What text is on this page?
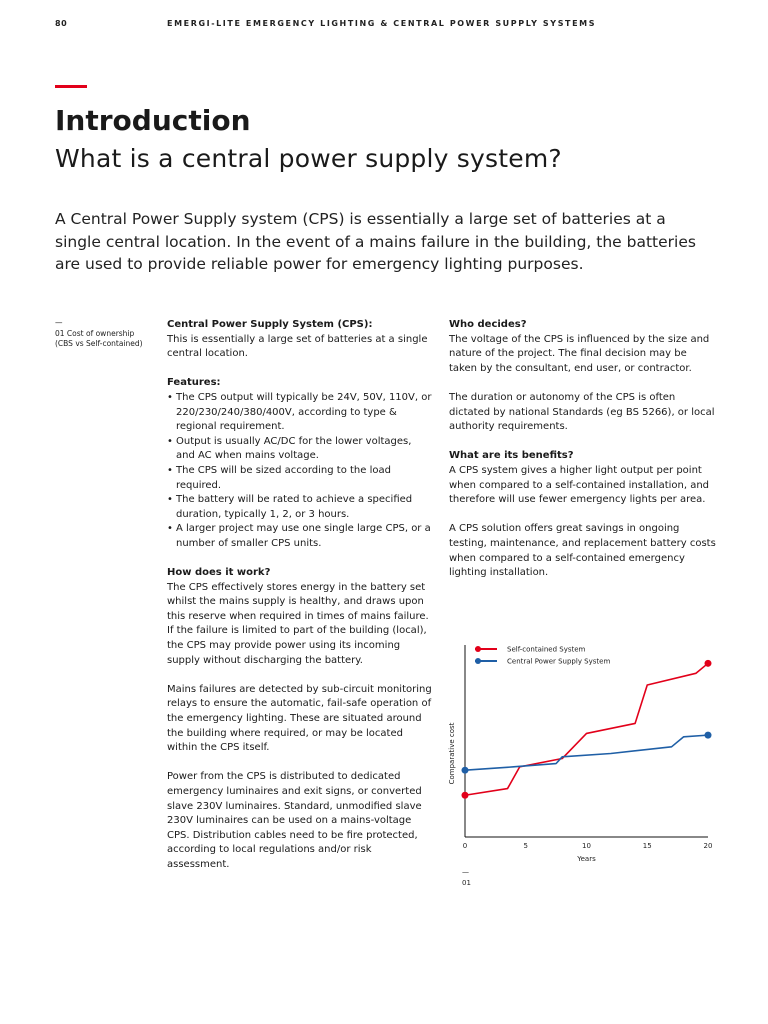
80	EMERGI-LITE EMERGENCY LIGHTING & CENTRAL POWER SUPPLY SYSTEMS
Introduction
What is a central power supply system?

A Central Power Supply system (CPS) is essentially a large set of batteries at a single central location. In the event of a mains failure in the building, the batteries are used to provide reliable power for emergency lighting purposes.

—
01 Cost of ownership
(CBS vs Self-contained)

Central Power Supply System (CPS):

This is essentially a large set of batteries at a single central location.

Features:

• The CPS output will typically be 24V, 50V, 110V, or 220/230/240/380/400V, according to type & regional requirement.
• Output is usually AC/DC for the lower voltages, and AC when mains voltage.
• The CPS will be sized according to the load required.
• The battery will be rated to achieve a specified duration, typically 1, 2, or 3 hours.
• A larger project may use one single large CPS, or a number of smaller CPS units.

How does it work?

The CPS effectively stores energy in the battery set whilst the mains supply is healthy, and draws upon this reserve when required in times of mains failure. If the failure is limited to part of the building (local), the CPS may provide power using its incoming supply without discharging the battery.

Mains failures are detected by sub-circuit monitoring relays to ensure the automatic, fail-safe operation of the emergency lighting. These are situated around the building where required, or may be located within the CPS itself.

Power from the CPS is distributed to dedicated emergency luminaires and exit signs, or converted slave 230V luminaires. Standard, unmodified slave 230V luminaires can be used on a mains-voltage CPS. Distribution cables need to be fire protected, according to local regulations and/or risk assessment.

Who decides?

The voltage of the CPS is influenced by the size and nature of the project. The final decision may be taken by the consultant, end user, or contractor.

The duration or autonomy of the CPS is often dictated by national Standards (eg BS 5266), or local authority requirements.

What are its benefits?

A CPS system gives a higher light output per point when compared to a self-contained installation, and therefore will use fewer emergency lights per area.

A CPS solution offers great savings in ongoing testing, maintenance, and replacement battery costs when compared to a self-contained emergency lighting installation.

0	5	10	15	20
Years
Comparative cost
—
01
Self-contained System
Central Power Supply System
